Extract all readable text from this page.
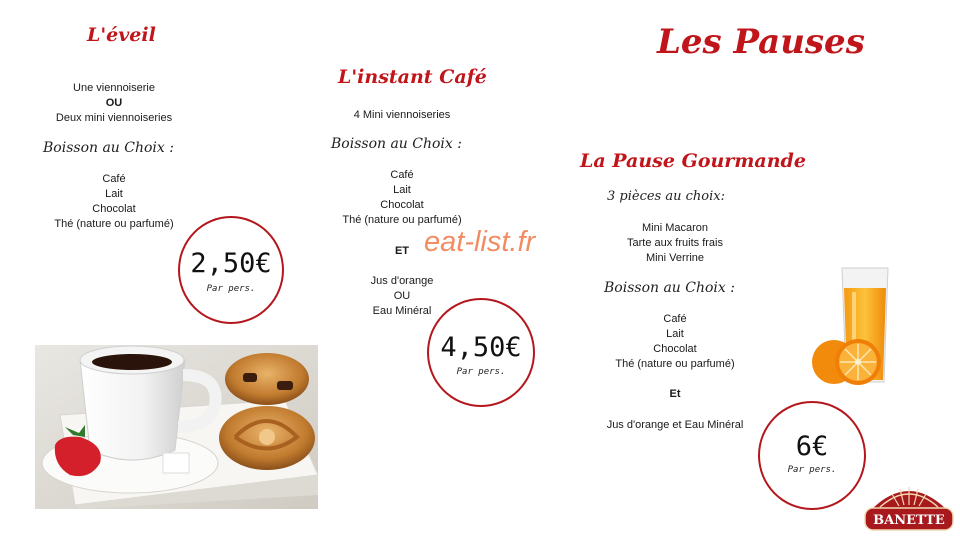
Les Pauses
L'éveil
Une viennoiserie
OU
Deux mini viennoiseries
Boisson au Choix :
Café
Lait
Chocolat
Thé (nature ou parfumé)
2,50€
Par pers.
L'instant Café
4 Mini viennoiseries
Boisson au Choix :
Café
Lait
Chocolat
Thé (nature ou parfumé)
ET
Jus d'orange
OU
Eau Minéral
4,50€
Par pers.
eat-list.fr
La Pause Gourmande
3 pièces au choix:
Mini Macaron
Tarte aux fruits frais
Mini Verrine
Boisson au Choix :
Café
Lait
Chocolat
Thé (nature ou parfumé)
Et
Jus d'orange et Eau Minéral
6€
Par pers.
BANETTE
